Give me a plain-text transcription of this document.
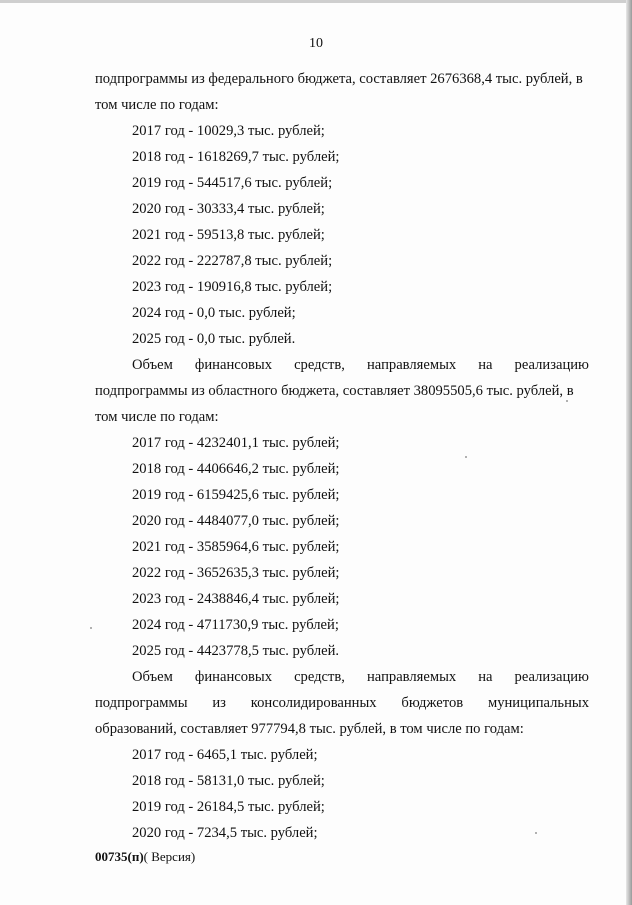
10
подпрограммы из федерального бюджета, составляет 2676368,4 тыс. рублей, в
том числе по годам:
2017 год - 10029,3 тыс. рублей;
2018 год - 1618269,7 тыс. рублей;
2019 год - 544517,6 тыс. рублей;
2020 год - 30333,4 тыс. рублей;
2021 год - 59513,8 тыс. рублей;
2022 год - 222787,8 тыс. рублей;
2023 год - 190916,8 тыс. рублей;
2024 год - 0,0 тыс. рублей;
2025 год - 0,0 тыс. рублей.
Объем финансовых средств, направляемых на реализацию
подпрограммы из областного бюджета, составляет 38095505,6 тыс. рублей, в
том числе по годам:
2017 год - 4232401,1 тыс. рублей;
2018 год - 4406646,2 тыс. рублей;
2019 год - 6159425,6 тыс. рублей;
2020 год - 4484077,0 тыс. рублей;
2021 год - 3585964,6 тыс. рублей;
2022 год - 3652635,3 тыс. рублей;
2023 год - 2438846,4 тыс. рублей;
2024 год - 4711730,9 тыс. рублей;
2025 год - 4423778,5 тыс. рублей.
Объем финансовых средств, направляемых на реализацию
подпрограммы из консолидированных бюджетов муниципальных
образований, составляет 977794,8 тыс. рублей, в том числе по годам:
2017 год - 6465,1 тыс. рублей;
2018 год - 58131,0 тыс. рублей;
2019 год - 26184,5 тыс. рублей;
2020 год - 7234,5 тыс. рублей;
00735(п)( Версия)
